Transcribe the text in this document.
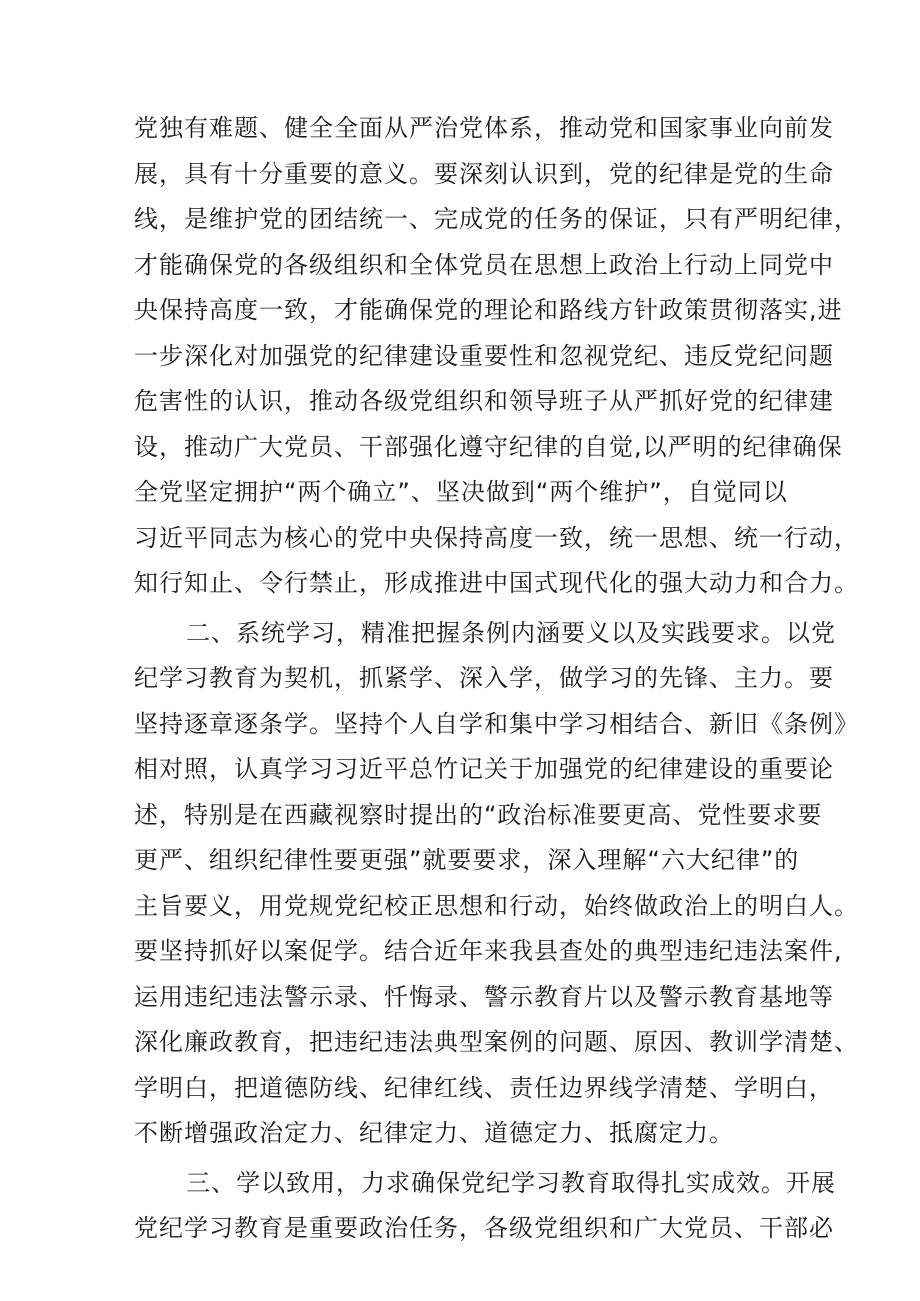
党独有难题、健全全面从严治党体系，推动党和国家事业向前发
展，具有十分重要的意义。要深刻认识到，党的纪律是党的生命
线，是维护党的团结统一、完成党的任务的保证，只有严明纪律，
才能确保党的各级组织和全体党员在思想上政治上行动上同党中
央保持高度一致，才能确保党的理论和路线方针政策贯彻落实,进
一步深化对加强党的纪律建设重要性和忽视党纪、违反党纪问题
危害性的认识，推动各级党组织和领导班子从严抓好党的纪律建
设，推动广大党员、干部强化遵守纪律的自觉,以严明的纪律确保
全党坚定拥护“两个确立”、坚决做到“两个维护”，自觉同以
习近平同志为核心的党中央保持高度一致，统一思想、统一行动，
知行知止、令行禁止，形成推进中国式现代化的强大动力和合力。
二、系统学习，精准把握条例内涵要义以及实践要求。以党
纪学习教育为契机，抓紧学、深入学，做学习的先锋、主力。要
坚持逐章逐条学。坚持个人自学和集中学习相结合、新旧《条例》
相对照，认真学习习近平总竹记关于加强党的纪律建设的重要论
述，特别是在西藏视察时提出的“政治标准要更高、党性要求要
更严、组织纪律性要更强”就要要求，深入理解“六大纪律”的
主旨要义，用党规党纪校正思想和行动，始终做政治上的明白人。
要坚持抓好以案促学。结合近年来我县查处的典型违纪违法案件,
运用违纪违法警示录、忏悔录、警示教育片以及警示教育基地等
深化廉政教育，把违纪违法典型案例的问题、原因、教训学清楚、
学明白，把道德防线、纪律红线、责任边界线学清楚、学明白，
不断增强政治定力、纪律定力、道德定力、抵腐定力。
三、学以致用，力求确保党纪学习教育取得扎实成效。开展
党纪学习教育是重要政治任务，各级党组织和广大党员、干部必
